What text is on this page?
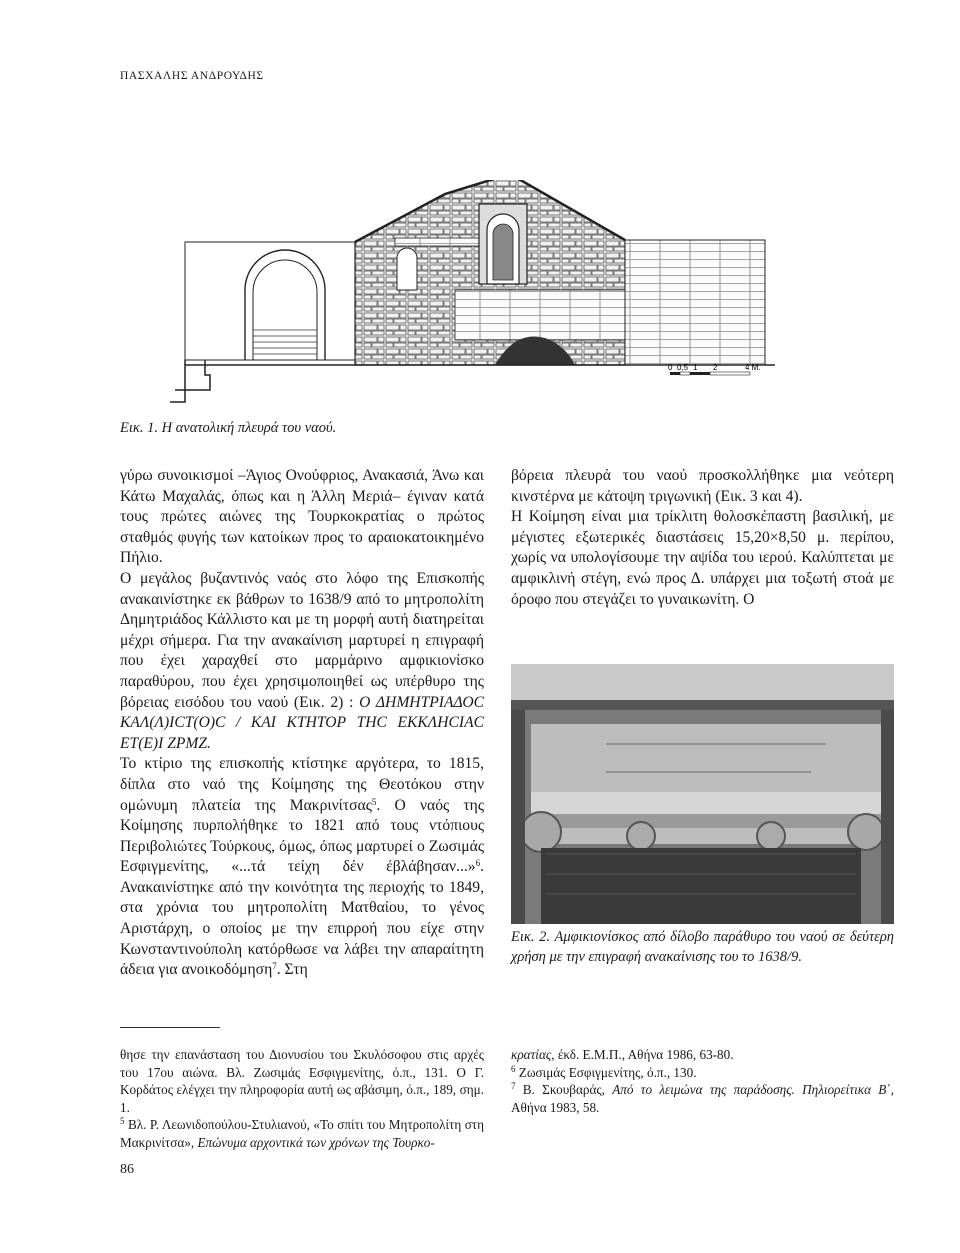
ΠΑΣΧΑΛΗΣ ΑΝΔΡΟΥΔΗΣ
0 0,5 1 2	4 Μ.
Εικ. 1. Η ανατολική πλευρά του ναού.

γύρω συνοικισμοί –Άγιος Ονούφριος, Ανακασιά, Άνω και Κάτω Μαχαλάς, όπως και η Άλλη Μεριά– έγιναν κατά τους πρώτες αιώνες της Τουρκοκρατίας ο πρώτος σταθμός φυγής των κατοίκων προς το αραιοκατοικημένο Πήλιο.

Ο μεγάλος βυζαντινός ναός στο λόφο της Επισκοπής ανακαινίστηκε εκ βάθρων το 1638/9 από το μητροπολίτη Δημητριάδος Κάλλιστο και με τη μορφή αυτή διατηρείται μέχρι σήμερα. Για την ανακαίνιση μαρτυρεί η επιγραφή που έχει χαραχθεί στο μαρμάρινο αμφικιονίσκο παραθύρου, που έχει χρησιμοποιηθεί ως υπέρθυρο της βόρειας εισόδου του ναού (Εικ. 2) : Ο ΔΗΜΗΤΡΙΑΔΟC ΚΑΛ(Λ)ΙCΤ(Ο)C / ΚΑΙ ΚΤΗΤΟΡ ΤΗC ΕΚΚΛΗCΙΑC ΕΤ(Ε)Ι ΖΡΜΖ.

Το κτίριο της επισκοπής κτίστηκε αργότερα, το 1815, δίπλα στο ναό της Κοίμησης της Θεοτόκου στην ομώνυμη πλατεία της Μακρινίτσας$^5$. Ο ναός της Κοίμησης πυρπολήθηκε το 1821 από τους ντόπιους Περιβολιώτες Τούρκους, όμως, όπως μαρτυρεί ο Ζωσιμάς Εσφιγμενίτης, «...τά τείχη δέν έβλάβησαν...»$^6$. Ανακαινίστηκε από την κοινότητα της περιοχής το 1849, στα χρόνια του μητροπολίτη Ματθαίου, το γένος Αριστάρχη, ο οποίος με την επιρροή που είχε στην Κωνσταντινούπολη κατόρθωσε να λάβει την απαραίτητη άδεια για ανοικοδόμηση$^7$. Στη

βόρεια πλευρά του ναού προσκολλήθηκε μια νεότερη κινστέρνα με κάτοψη τριγωνική (Εικ. 3 και 4).

Η Κοίμηση είναι μια τρίκλιτη θολοσκέπαστη βασιλική, με μέγιστες εξωτερικές διαστάσεις 15,20×8,50 μ. περίπου, χωρίς να υπολογίσουμε την αψίδα του ιερού. Καλύπτεται με αμφικλινή στέγη, ενώ προς Δ. υπάρχει μια τοξωτή στοά με όροφο που στεγάζει το γυναικωνίτη. Ο

Εικ. 2. Αμφικιονίσκος από δίλοβο παράθυρο του ναού σε δεύτερη χρήση με την επιγραφή ανακαίνισης του το 1638/9.

θησε την επανάσταση του Διονυσίου του Σκυλόσοφου στις αρχές του 17ου αιώνα. Βλ. Ζωσιμάς Εσφιγμενίτης, ό.π., 131. Ο Γ. Κορδάτος ελέγχει την πληροφορία αυτή ως αβάσιμη, ό.π., 189, σημ. 1.

$^5$ Βλ. Ρ. Λεωνιδοπούλου-Στυλιανού, «Το σπίτι του Μητροπολίτη στη Μακρινίτσα», Επώνυμα αρχοντικά των χρόνων της Τουρκο-

κρατίας, έκδ. Ε.Μ.Π., Αθήνα 1986, 63-80.

$^6$ Ζωσιμάς Εσφιγμενίτης, ό.π., 130.

$^7$ Β. Σκουβαράς, Από το λειμώνα της παράδοσης. Πηλιορείτικα Β΄, Αθήνα 1983, 58.

86
